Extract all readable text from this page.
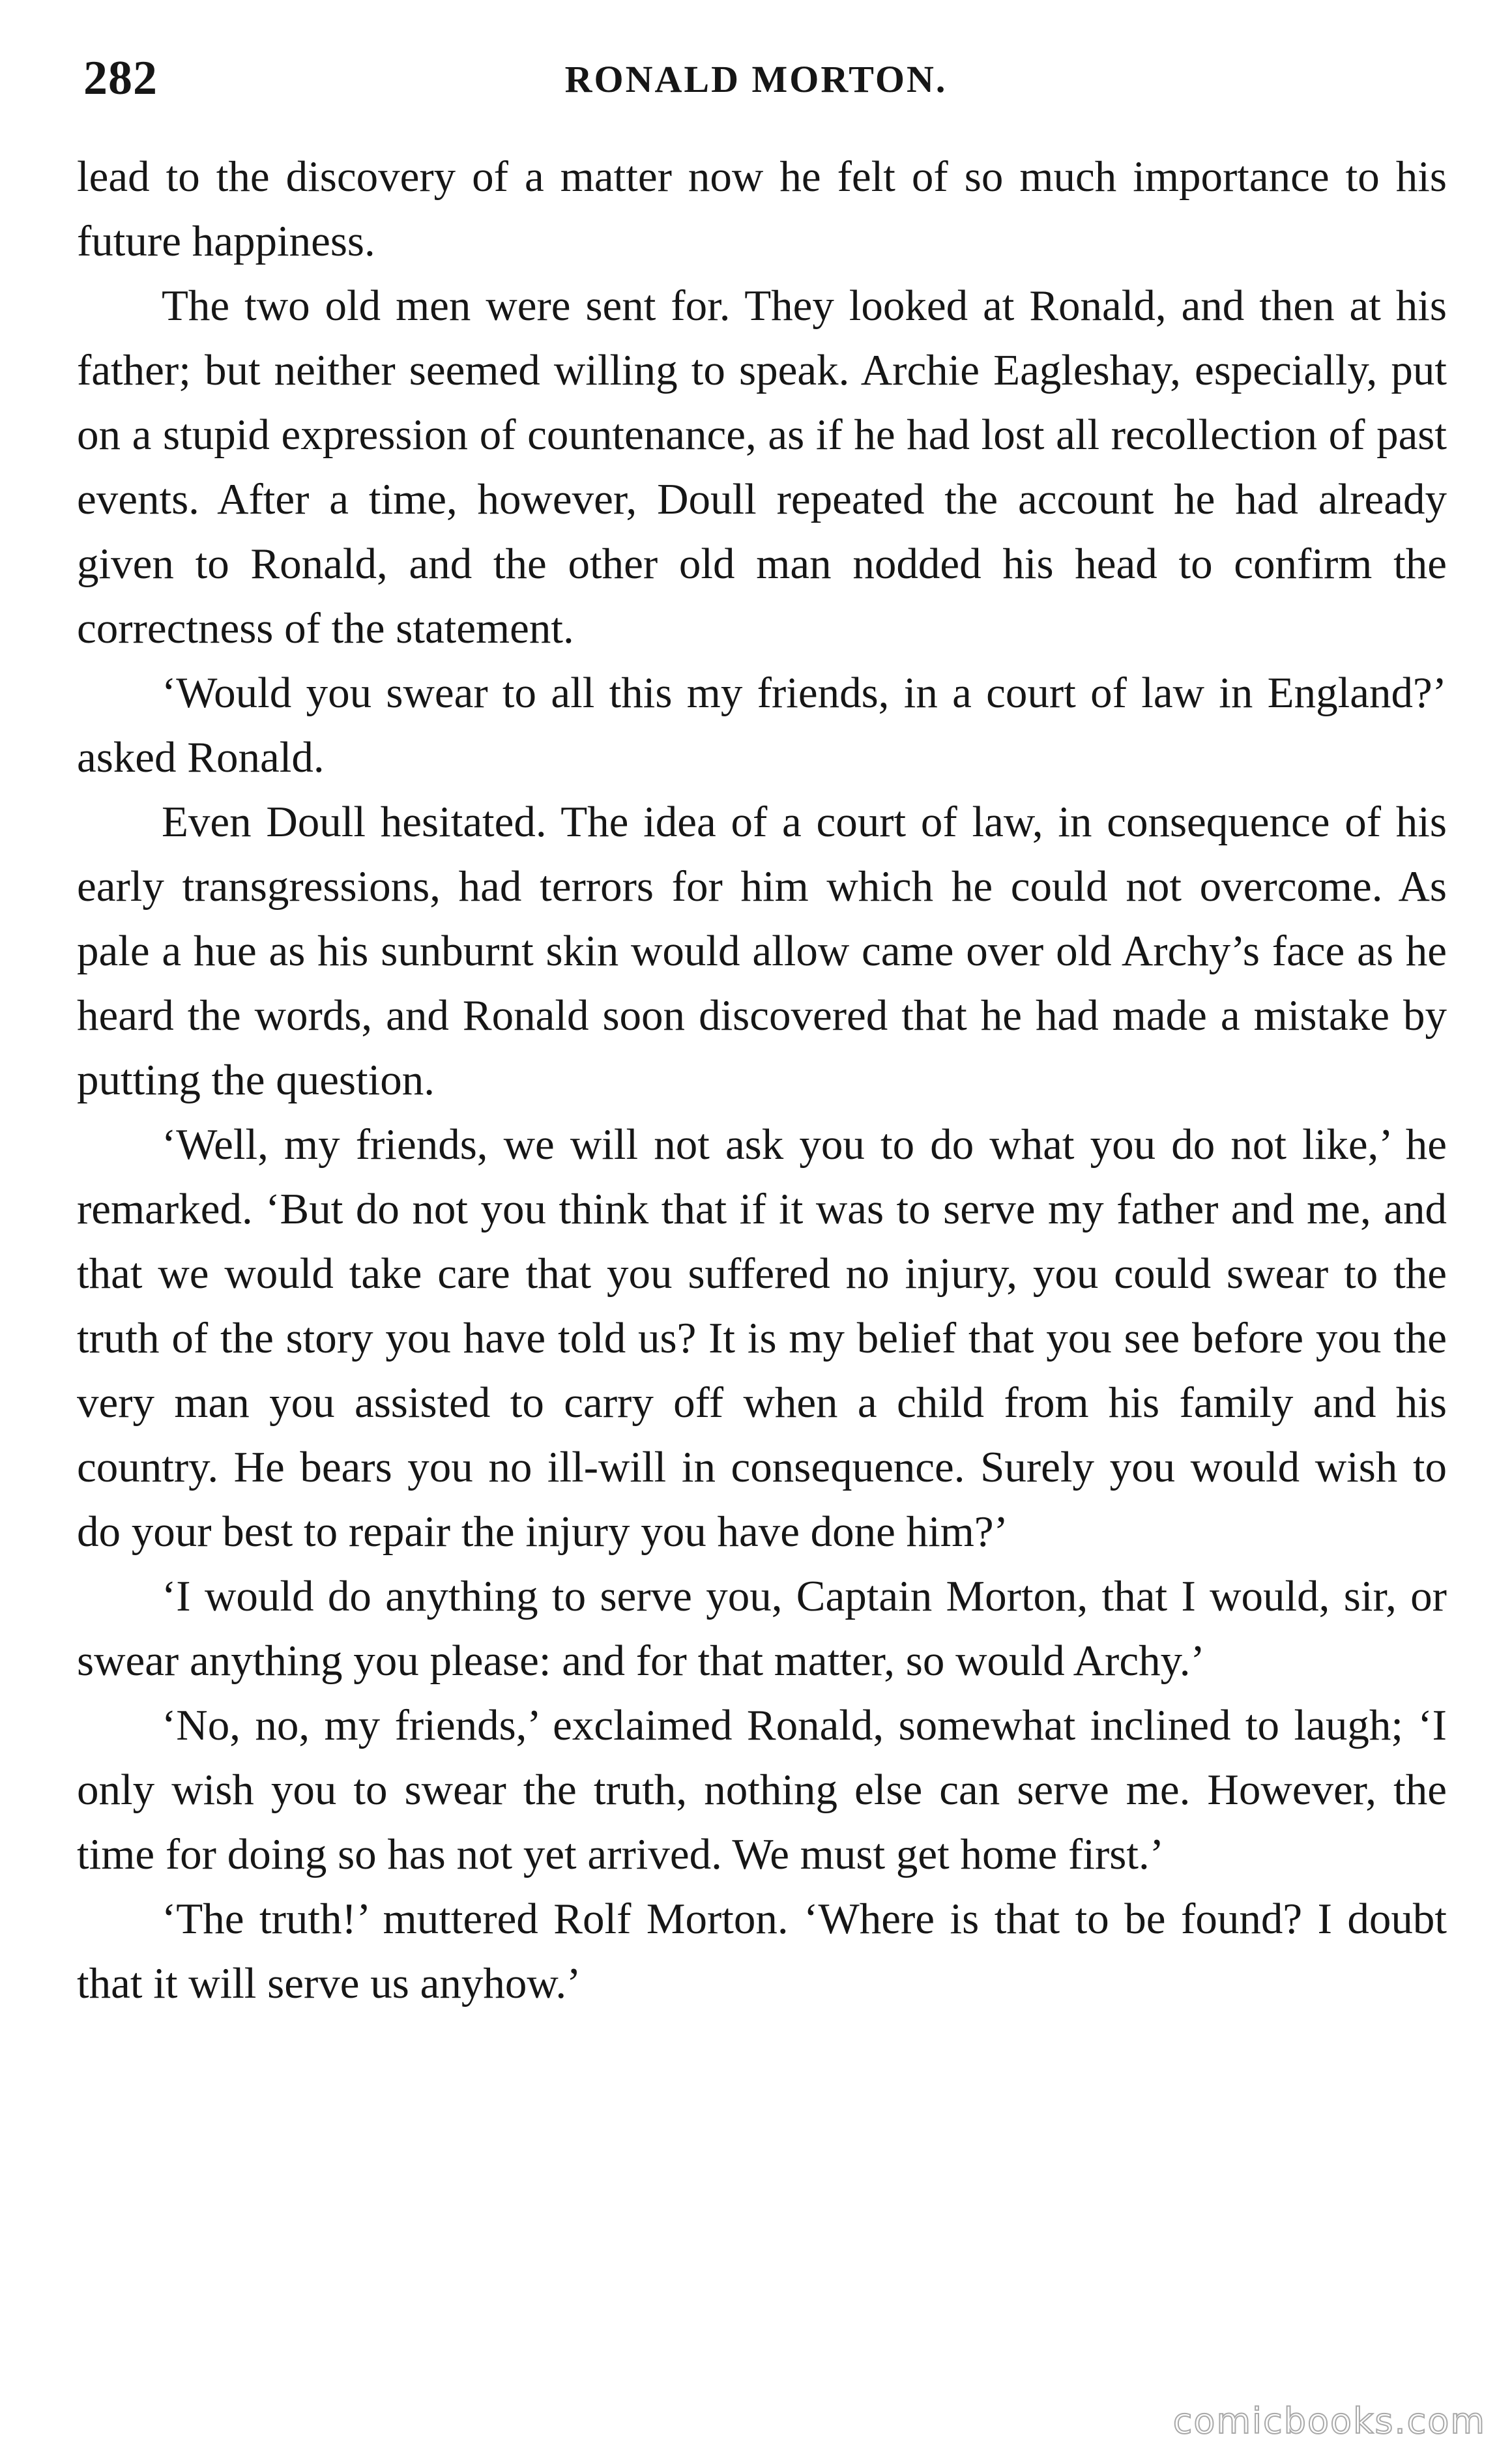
282	RONALD MORTON.

lead to the discovery of a matter now he felt of so much importance to his future happiness.

The two old men were sent for. They looked at Ronald, and then at his father; but neither seemed willing to speak. Archie Eagleshay, especially, put on a stupid expression of countenance, as if he had lost all recollection of past events. After a time, however, Doull repeated the account he had already given to Ronald, and the other old man nodded his head to confirm the correctness of the statement.

‘Would you swear to all this my friends, in a court of law in England?’ asked Ronald.

Even Doull hesitated. The idea of a court of law, in consequence of his early transgressions, had terrors for him which he could not overcome. As pale a hue as his sunburnt skin would allow came over old Archy’s face as he heard the words, and Ronald soon discovered that he had made a mistake by putting the question.

‘Well, my friends, we will not ask you to do what you do not like,’ he remarked. ‘But do not you think that if it was to serve my father and me, and that we would take care that you suffered no injury, you could swear to the truth of the story you have told us? It is my belief that you see before you the very man you assisted to carry off when a child from his family and his country. He bears you no ill-will in consequence. Surely you would wish to do your best to repair the injury you have done him?’

‘I would do anything to serve you, Captain Morton, that I would, sir, or swear anything you please: and for that matter, so would Archy.’

‘No, no, my friends,’ exclaimed Ronald, somewhat inclined to laugh; ‘I only wish you to swear the truth, nothing else can serve me. However, the time for doing so has not yet arrived. We must get home first.’

‘The truth!’ muttered Rolf Morton. ‘Where is that to be found? I doubt that it will serve us anyhow.’

comicbooks.com
